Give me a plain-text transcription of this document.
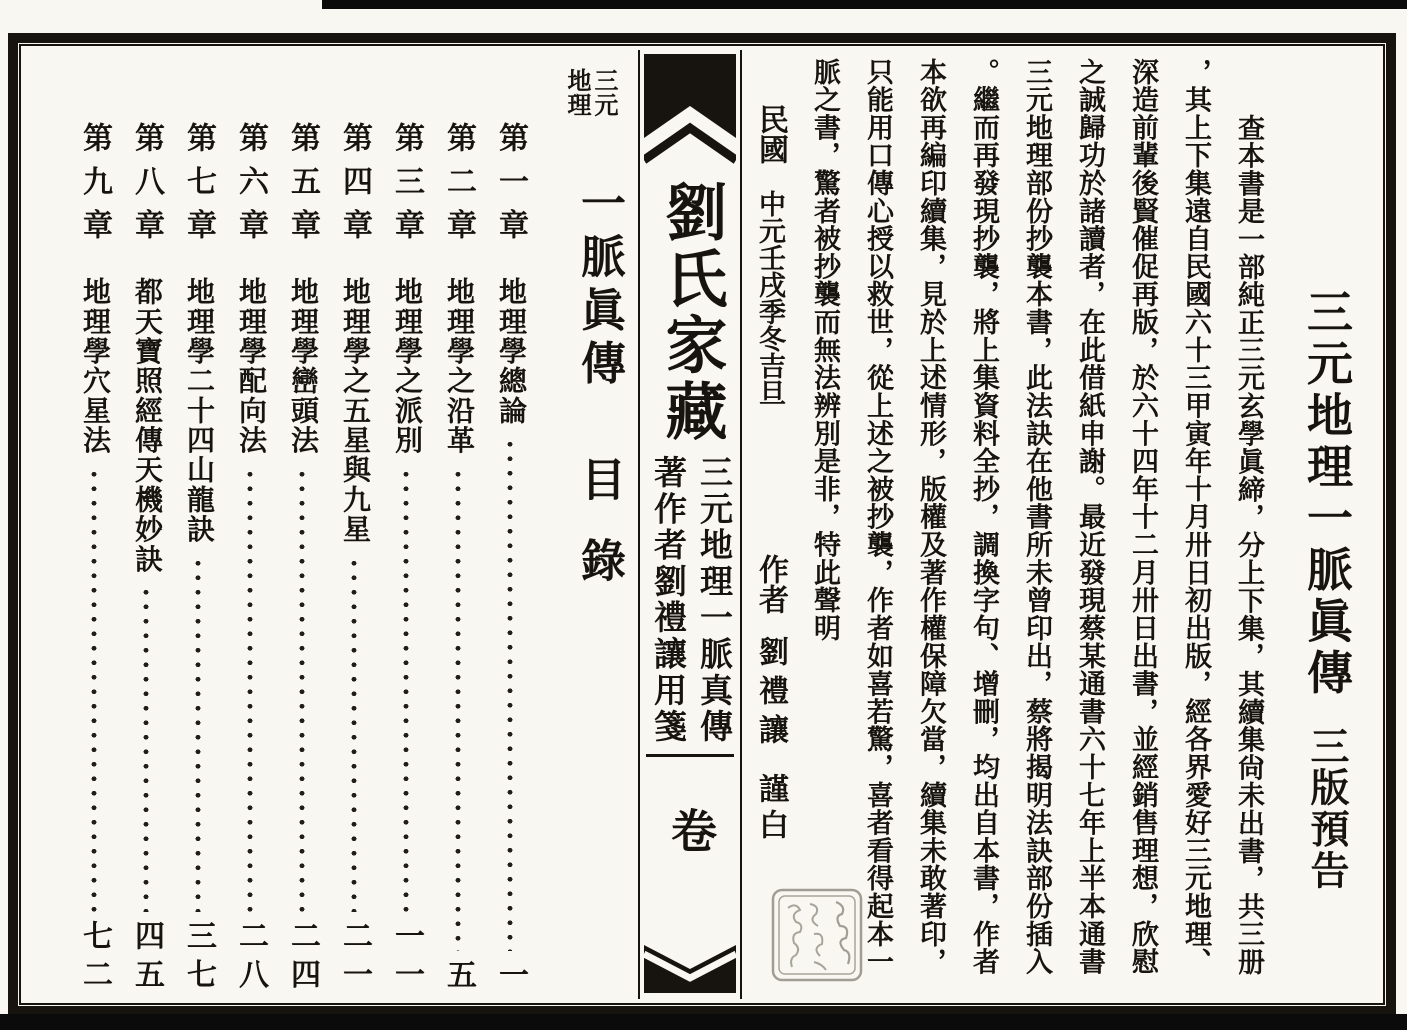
三元
地理
一脈眞傳目錄
第一章
地理學總論
一
第二章
地理學之沿革
五
第三章
地理學之派別
一一
第四章
地理學之五星與九星
二一
第五章
地理學巒頭法
二四
第六章
地理學配向法
二八
第七章
地理學二十四山龍訣
三七
第八章
都天寶照經傳天機妙訣
四五
第九章
地理學穴星法
七二
劉氏家藏
三元地理一脈真傳
著作者劉禮讓用箋
卷
三元地理一脈眞傳三版預告
查本書是一部純正三元玄學眞締，分上下集，其續集尙未出書，共三册
，其上下集遠自民國六十三甲寅年十月卅日初出版，經各界愛好三元地理、
深造前輩後賢催促再版，於六十四年十二月卅日出書，並經銷售理想，欣慰
之誠歸功於諸讀者，在此借紙申謝。最近發現蔡某通書六十七年上半本通書
三元地理部份抄襲本書，此法訣在他書所未曾印出，蔡將揭明法訣部份插入
。繼而再發現抄襲，將上集資料全抄，調換字句、增刪，均出自本書，作者
本欲再編印續集，見於上述情形，版權及著作權保障欠當，續集未敢著印，
只能用口傳心授以救世，從上述之被抄襲，作者如喜若驚，喜者看得起本一
脈之書，驚者被抄襲而無法辨別是非，特此聲明
民國中元壬戌季冬吉旦作者劉禮讓謹白
